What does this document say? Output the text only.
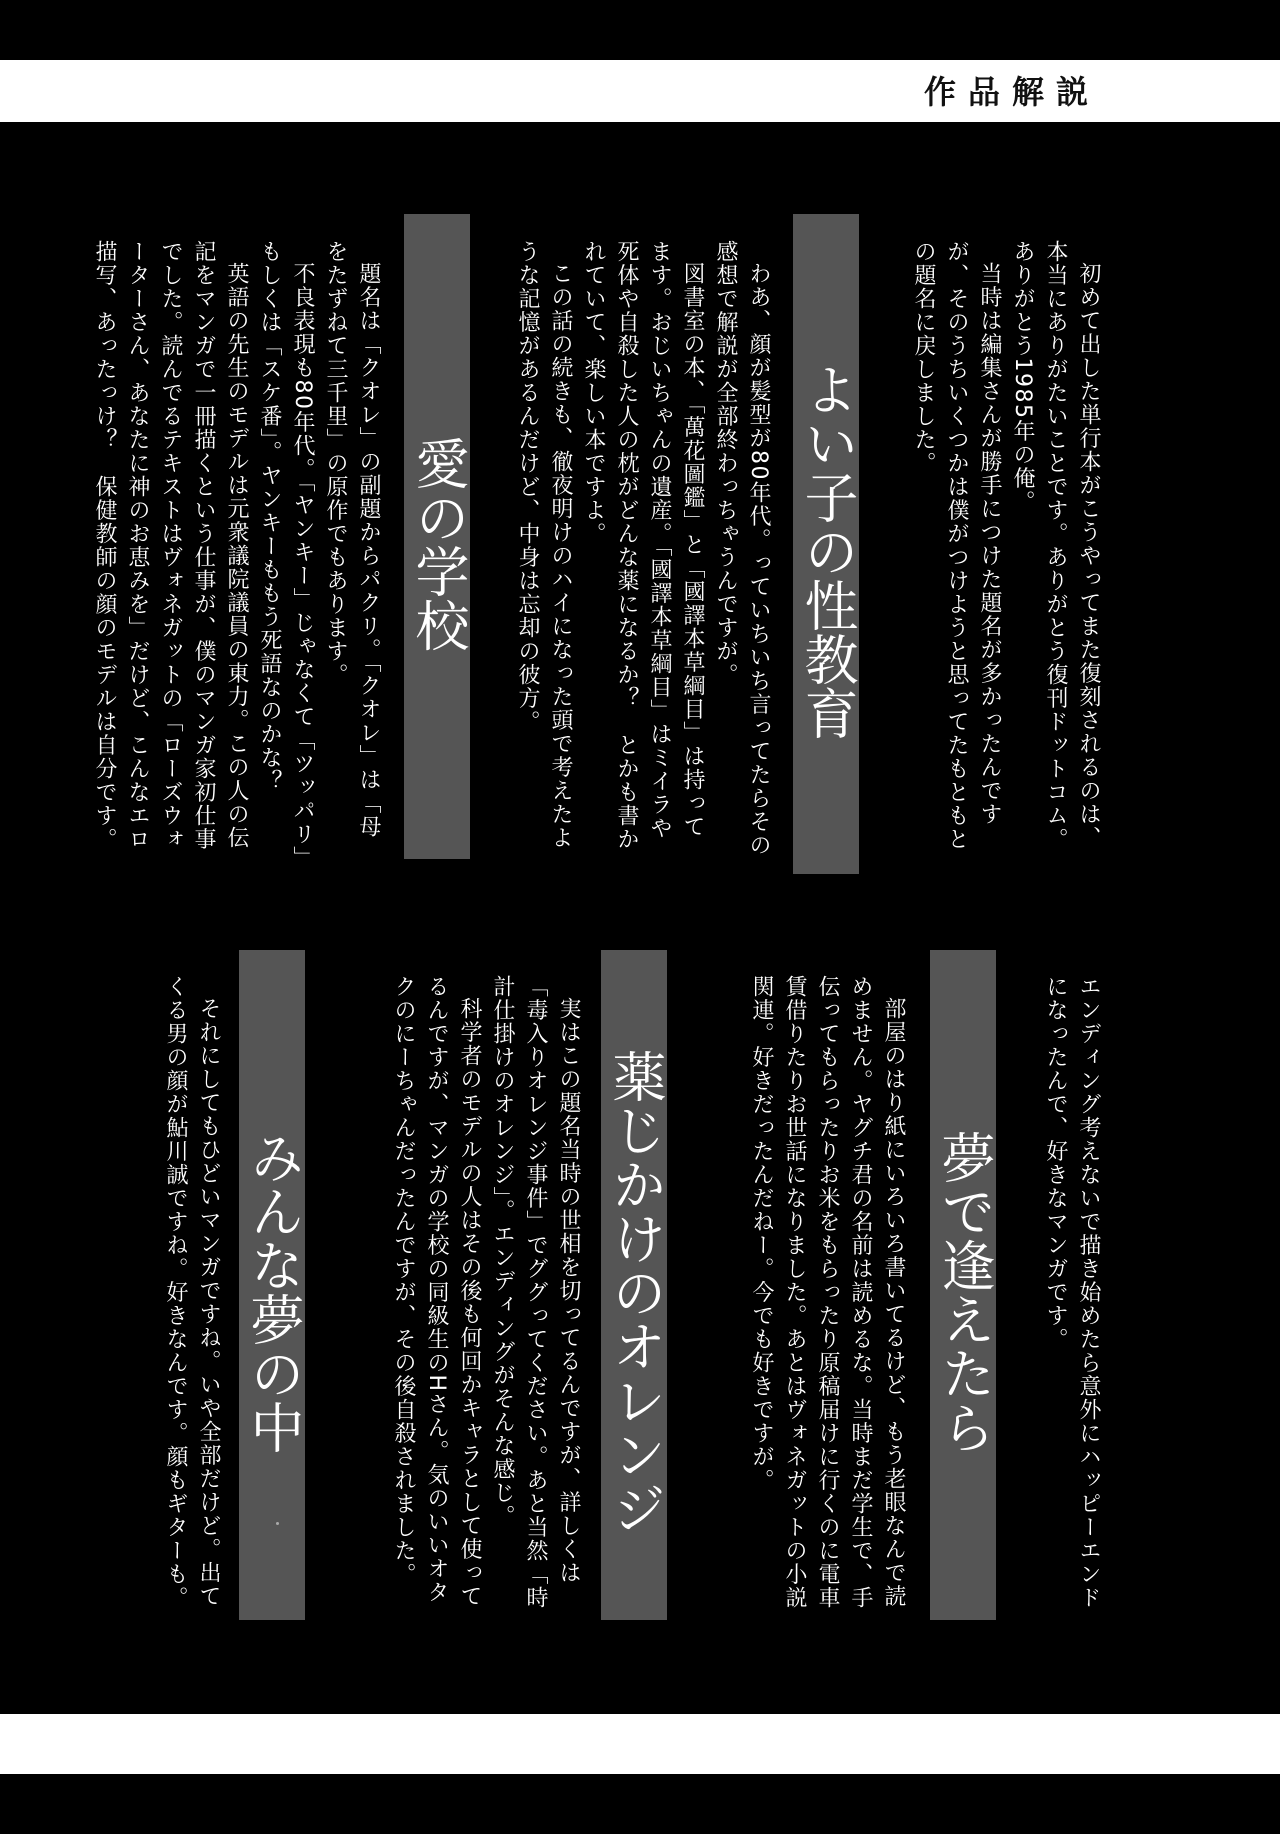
作品解説

初めて出した単行本がこうやってまた復刻されるのは、本当にありがたいことです。ありがとう復刊ドットコム。ありがとう1985年の俺。

当時は編集さんが勝手につけた題名が多かったんですが、そのうちいくつかは僕がつけようと思ってたもともとの題名に戻しました。

よい子の性教育

わあ、顔が髪型が80年代。っていちいち言ってたらその感想で解説が全部終わっちゃうんですが。

図書室の本、「萬花圖鑑」と「國譯本草綱目」は持ってます。おじいちゃんの遺産。「國譯本草綱目」はミイラや死体や自殺した人の枕がどんな薬になるか？　とかも書かれていて、楽しい本ですよ。

この話の続きも、徹夜明けのハイになった頭で考えたような記憶があるんだけど、中身は忘却の彼方。

愛の学校

題名は「クオレ」の副題からパクリ。「クオレ」は「母をたずねて三千里」の原作でもあります。

不良表現も80年代。「ヤンキー」じゃなくて「ツッパリ」もしくは「スケ番」。ヤンキーももう死語なのかな？

英語の先生のモデルは元衆議院議員の東力。この人の伝記をマンガで一冊描くという仕事が、僕のマンガ家初仕事でした。読んでるテキストはヴォネガットの「ローズウォーターさん、あなたに神のお恵みを」だけど、こんなエロ描写、あったっけ？　保健教師の顔のモデルは自分です。

エンディング考えないで描き始めたら意外にハッピーエンドになったんで、好きなマンガです。

夢で逢えたら

部屋のはり紙にいろいろ書いてるけど、もう老眼なんで読めません。ヤグチ君の名前は読めるな。当時まだ学生で、手伝ってもらったりお米をもらったり原稿届けに行くのに電車賃借りたりお世話になりました。あとはヴォネガットの小説関連。好きだったんだねー。今でも好きですが。

薬じかけのオレンジ

実はこの題名当時の世相を切ってるんですが、詳しくは「毒入りオレンジ事件」でググってください。あと当然「時計仕掛けのオレンジ」。エンディングがそんな感じ。

科学者のモデルの人はその後も何回かキャラとして使ってるんですが、マンガの学校の同級生のHさん。気のいいオタクのにーちゃんだったんですが、その後自殺されました。

みんな夢の中

それにしてもひどいマンガですね。いや全部だけど。出てくる男の顔が鮎川誠ですね。好きなんです。顔もギターも。
